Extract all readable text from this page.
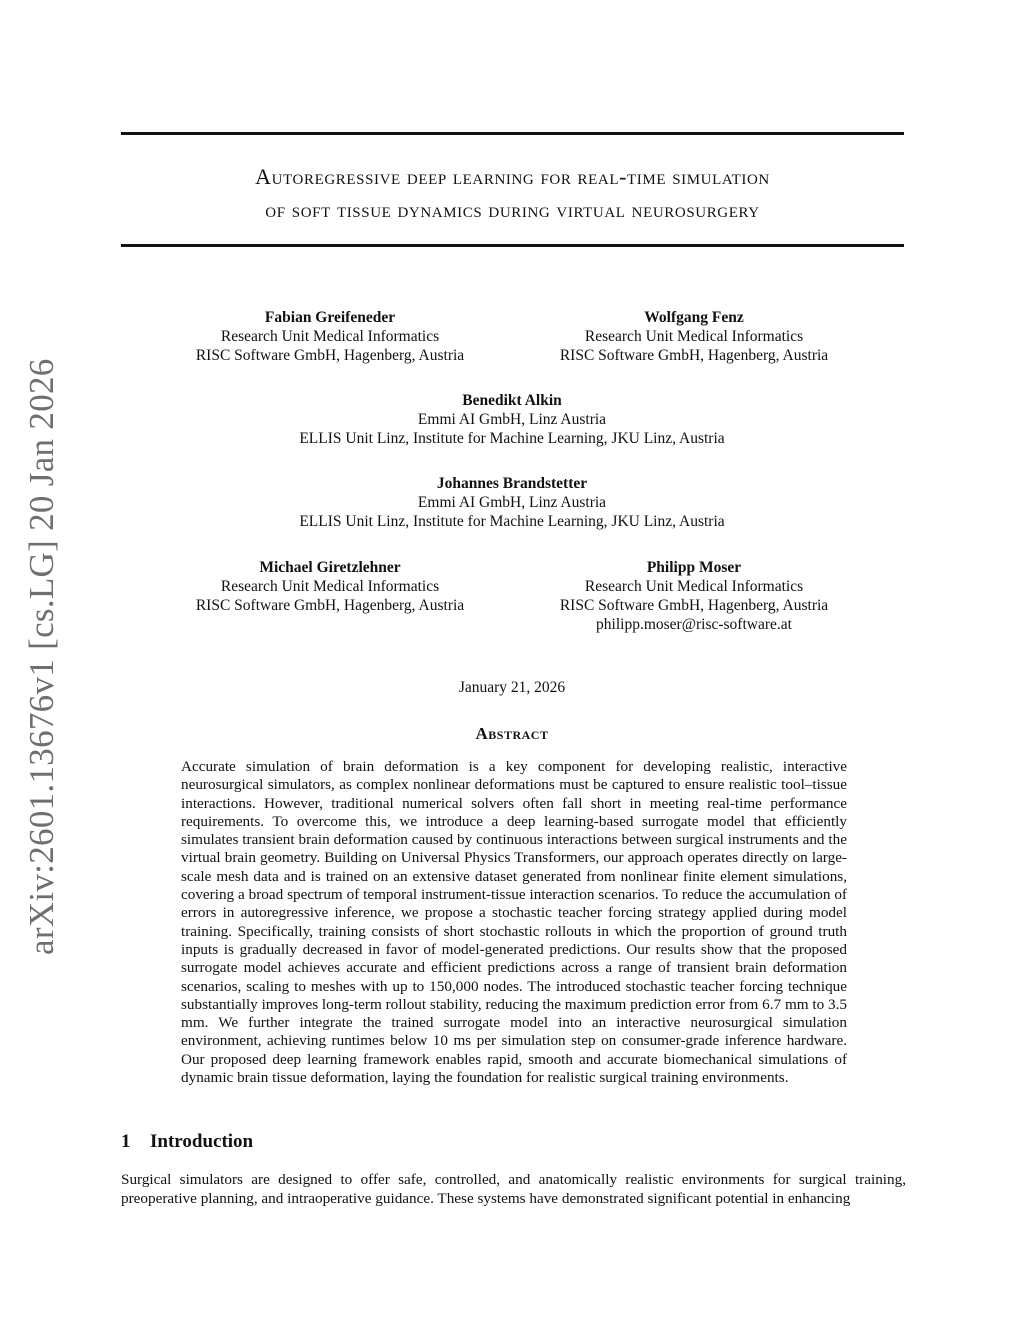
arXiv:2601.13676v1 [cs.LG] 20 Jan 2026
Autoregressive deep learning for real-time simulation
of soft tissue dynamics during virtual neurosurgery
Fabian Greifeneder
Research Unit Medical Informatics
RISC Software GmbH, Hagenberg, Austria
Wolfgang Fenz
Research Unit Medical Informatics
RISC Software GmbH, Hagenberg, Austria
Benedikt Alkin
Emmi AI GmbH, Linz Austria
ELLIS Unit Linz, Institute for Machine Learning, JKU Linz, Austria
Johannes Brandstetter
Emmi AI GmbH, Linz Austria
ELLIS Unit Linz, Institute for Machine Learning, JKU Linz, Austria
Michael Giretzlehner
Research Unit Medical Informatics
RISC Software GmbH, Hagenberg, Austria
Philipp Moser
Research Unit Medical Informatics
RISC Software GmbH, Hagenberg, Austria
philipp.moser@risc-software.at
January 21, 2026
Abstract
Accurate simulation of brain deformation is a key component for developing realistic, interactive neurosurgical simulators, as complex nonlinear deformations must be captured to ensure realistic tool–tissue interactions. However, traditional numerical solvers often fall short in meeting real-time performance requirements. To overcome this, we introduce a deep learning-based surrogate model that efficiently simulates transient brain deformation caused by continuous interactions between surgical instruments and the virtual brain geometry. Building on Universal Physics Transformers, our approach operates directly on large-scale mesh data and is trained on an extensive dataset generated from nonlinear finite element simulations, covering a broad spectrum of temporal instrument-tissue interaction scenarios. To reduce the accumulation of errors in autoregressive inference, we propose a stochastic teacher forcing strategy applied during model training. Specifically, training consists of short stochastic rollouts in which the proportion of ground truth inputs is gradually decreased in favor of model-generated predictions. Our results show that the proposed surrogate model achieves accurate and efficient predictions across a range of transient brain deformation scenarios, scaling to meshes with up to 150,000 nodes. The introduced stochastic teacher forcing technique substantially improves long-term rollout stability, reducing the maximum prediction error from 6.7 mm to 3.5 mm. We further integrate the trained surrogate model into an interactive neurosurgical simulation environment, achieving runtimes below 10 ms per simulation step on consumer-grade inference hardware. Our proposed deep learning framework enables rapid, smooth and accurate biomechanical simulations of dynamic brain tissue deformation, laying the foundation for realistic surgical training environments.
1 Introduction
Surgical simulators are designed to offer safe, controlled, and anatomically realistic environments for surgical training, preoperative planning, and intraoperative guidance. These systems have demonstrated significant potential in enhancing
